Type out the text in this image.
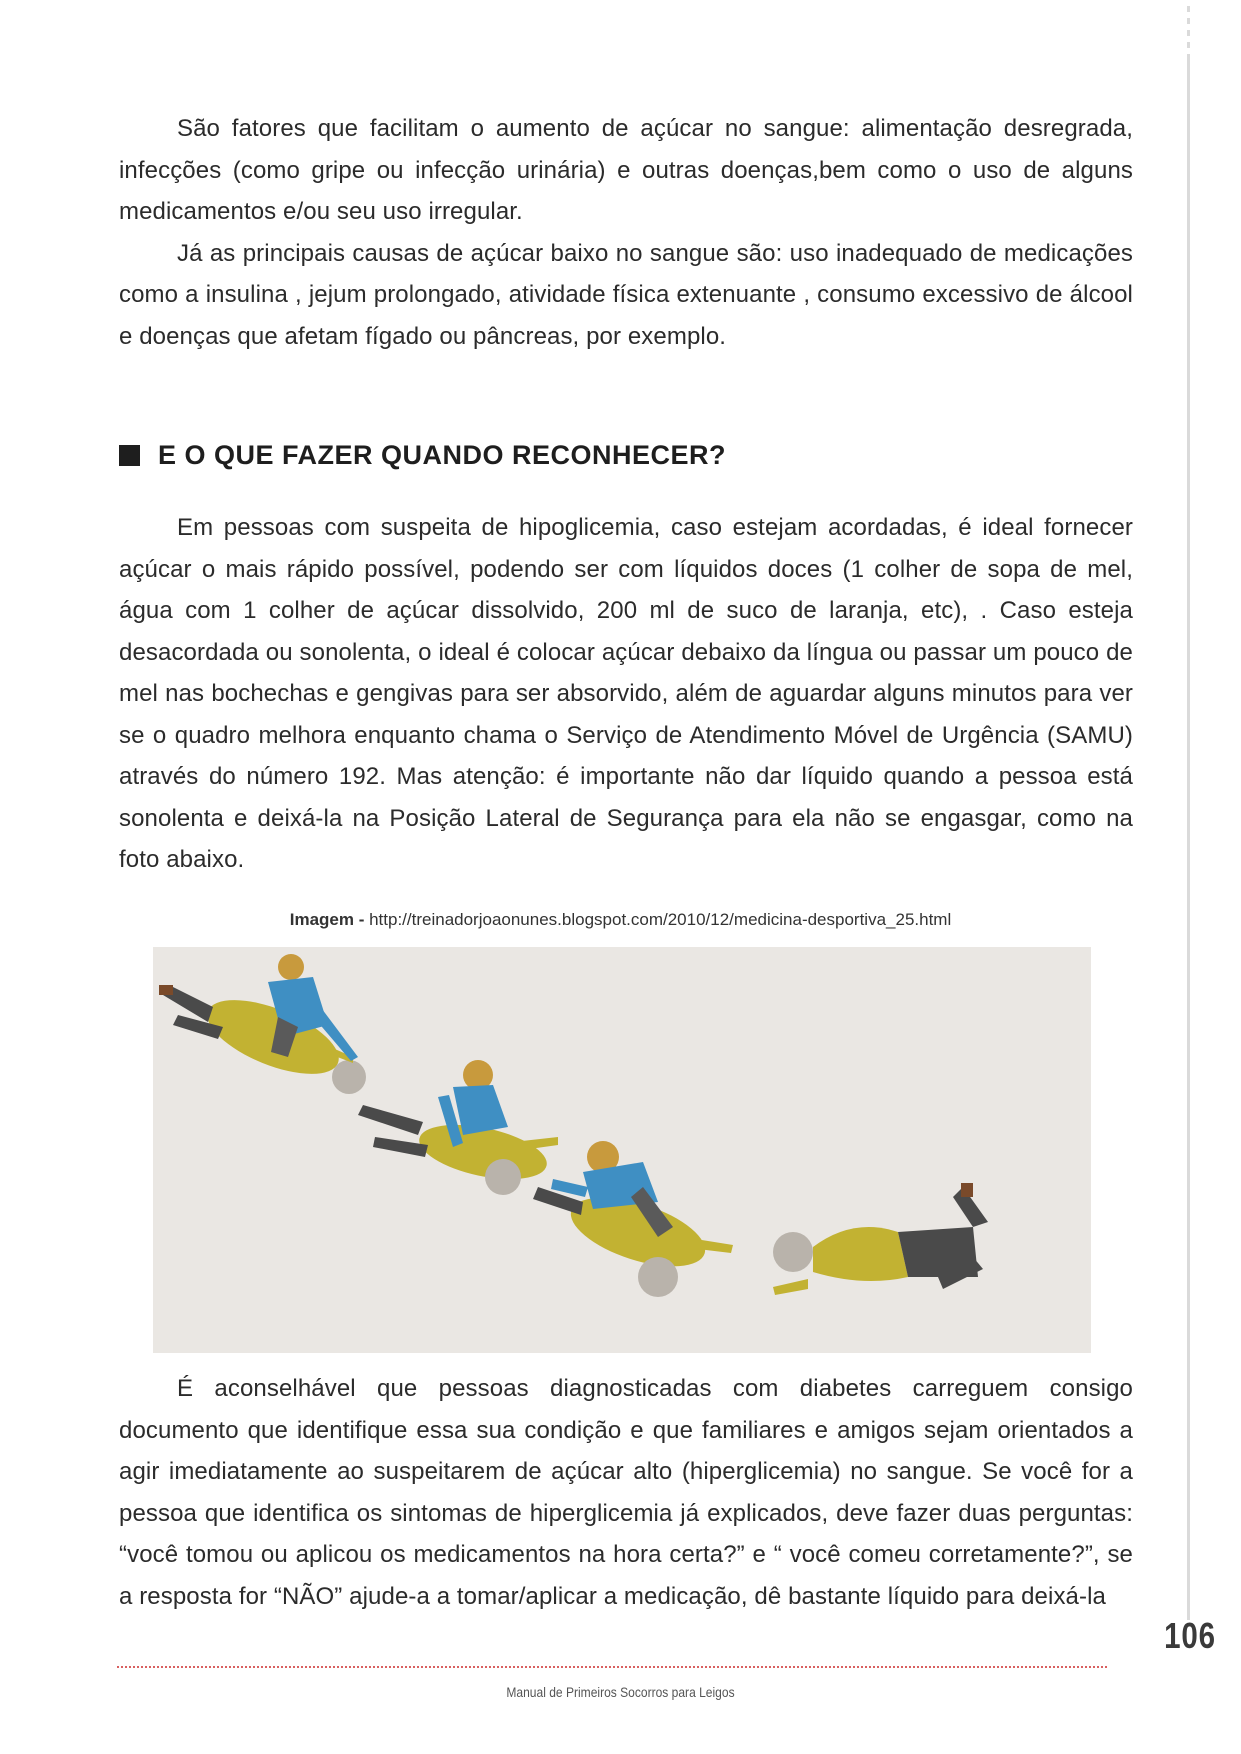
São fatores que facilitam o aumento de açúcar no sangue: alimentação desregrada, infecções (como gripe ou infecção urinária) e outras doenças,bem como o uso de alguns medicamentos e/ou seu uso irregular.

Já as principais causas de açúcar baixo no sangue são: uso inadequado de medicações como a insulina , jejum prolongado, atividade física extenuante , consumo excessivo de álcool e doenças que afetam fígado ou pâncreas, por exemplo.

E O QUE FAZER QUANDO RECONHECER?

Em pessoas com suspeita de hipoglicemia, caso estejam acordadas, é ideal fornecer açúcar o mais rápido possível, podendo ser com líquidos doces (1 colher de sopa de mel, água com 1 colher de açúcar dissolvido, 200 ml de suco de laranja, etc), . Caso esteja desacordada ou sonolenta, o ideal é colocar açúcar debaixo da língua ou passar um pouco de mel nas bochechas e gengivas para ser absorvido, além de aguardar alguns minutos para ver se o quadro melhora enquanto chama o Serviço de Atendimento Móvel de Urgência (SAMU) através do número 192. Mas atenção: é importante não dar líquido quando a pessoa está sonolenta e deixá-la na Posição Lateral de Segurança para ela não se engasgar, como na foto abaixo.

Imagem - http://treinadorjoaonunes.blogspot.com/2010/12/medicina-desportiva_25.html

É aconselhável que pessoas diagnosticadas com diabetes carreguem consigo documento que identifique essa sua condição e que familiares e amigos sejam orientados a agir imediatamente ao suspeitarem de açúcar alto (hiperglicemia) no sangue. Se você for a pessoa que identifica os sintomas de hiperglicemia já explicados, deve fazer duas perguntas: “você tomou ou aplicou os medicamentos na hora certa?” e “ você comeu corretamente?”, se a resposta for “NÃO” ajude-a a tomar/aplicar a medicação, dê bastante líquido para deixá-la

106
Manual de Primeiros Socorros para Leigos
